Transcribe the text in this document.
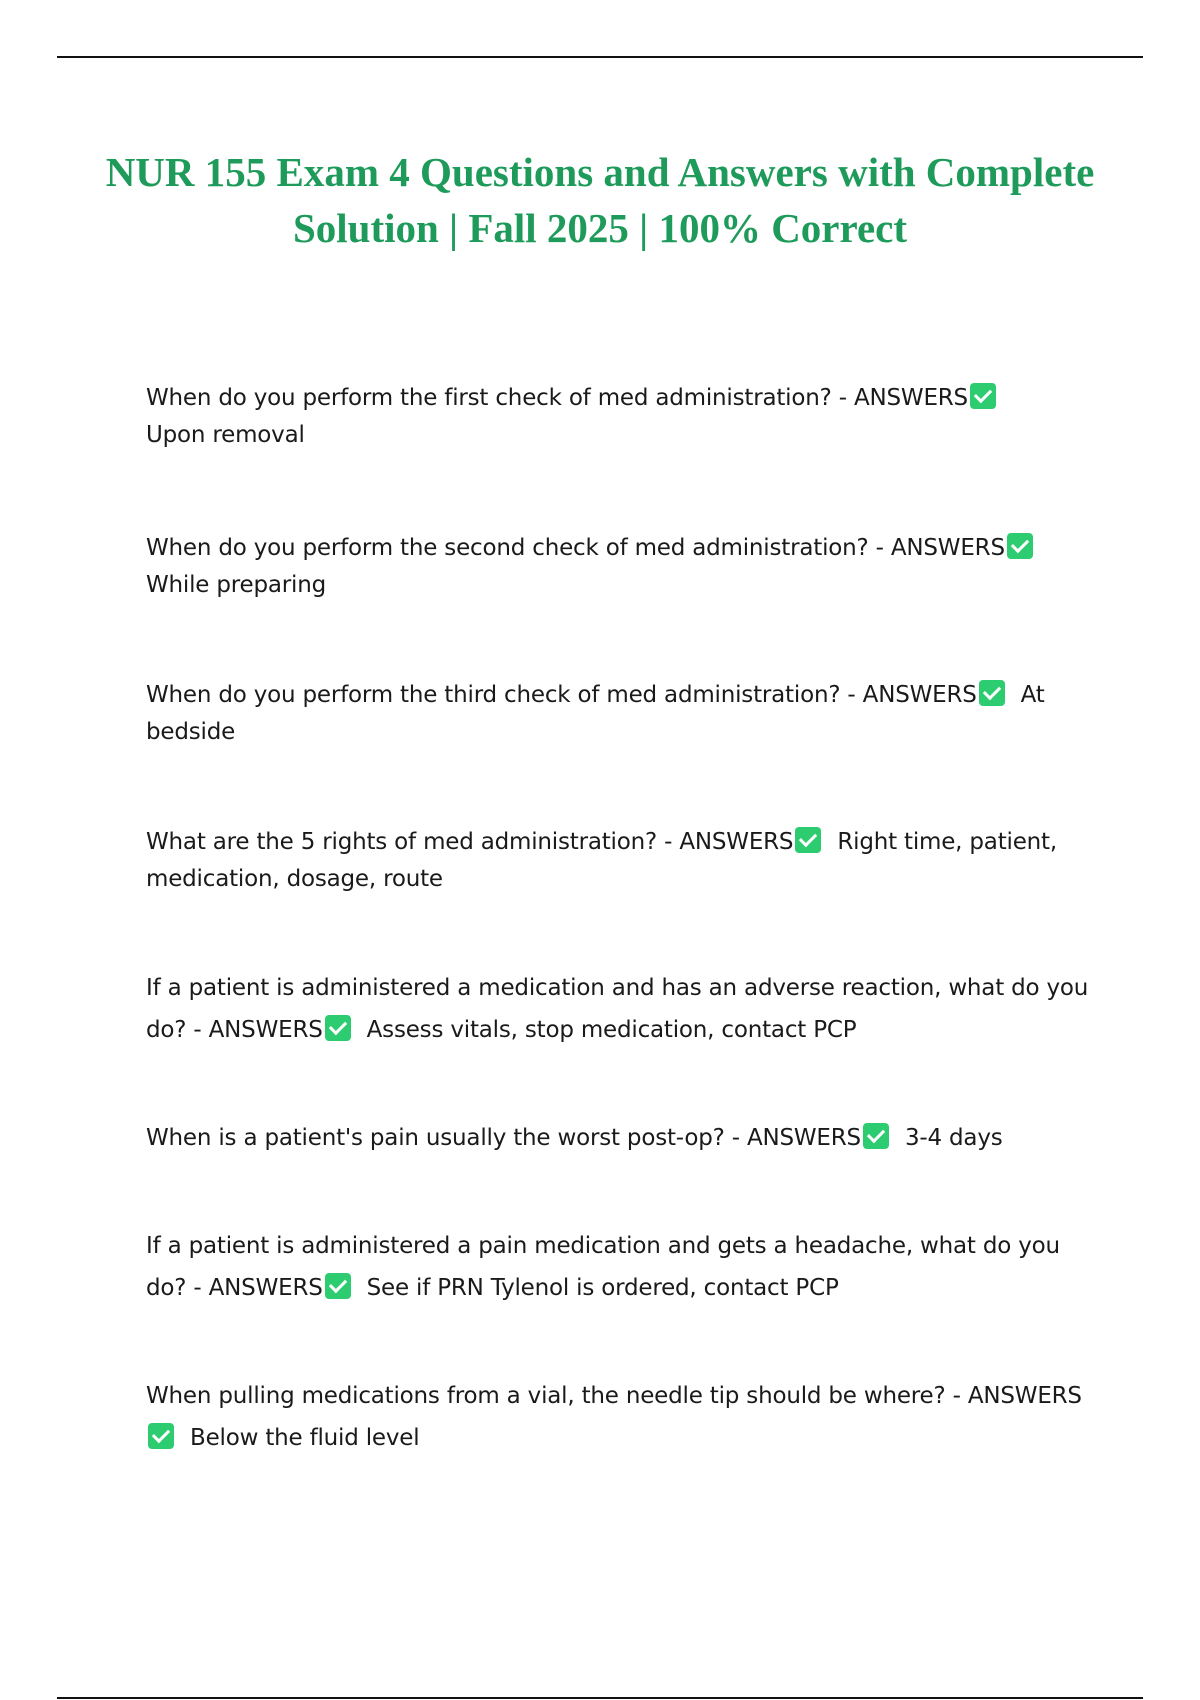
NUR 155 Exam 4 Questions and Answers with Complete Solution | Fall 2025 | 100% Correct

When do you perform the first check of med administration? - ANSWERS
Upon removal

When do you perform the second check of med administration? - ANSWERS
While preparing

When do you perform the third check of med administration? - ANSWERS At bedside

What are the 5 rights of med administration? - ANSWERS Right time, patient, medication, dosage, route

If a patient is administered a medication and has an adverse reaction, what do you do? - ANSWERS Assess vitals, stop medication, contact PCP

When is a patient's pain usually the worst post-op? - ANSWERS 3-4 days

If a patient is administered a pain medication and gets a headache, what do you do? - ANSWERS See if PRN Tylenol is ordered, contact PCP

When pulling medications from a vial, the needle tip should be where? - ANSWERSBelow the fluid level
